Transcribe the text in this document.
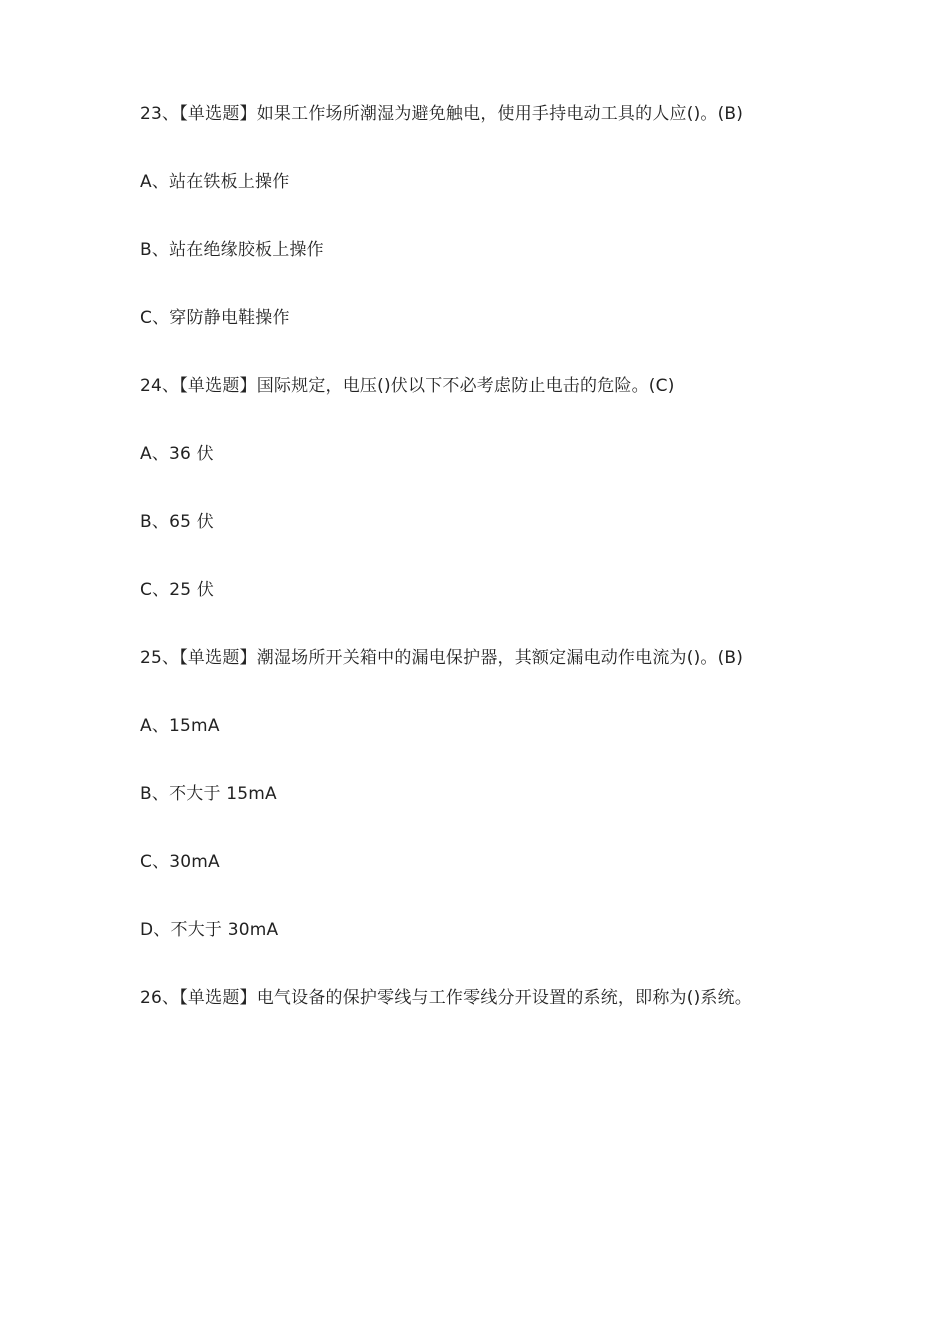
23、【单选题】如果工作场所潮湿为避免触电，使用手持电动工具的人应()。(B)
A、站在铁板上操作
B、站在绝缘胶板上操作
C、穿防静电鞋操作
24、【单选题】国际规定，电压()伏以下不必考虑防止电击的危险。(C)
A、36 伏
B、65 伏
C、25 伏
25、【单选题】潮湿场所开关箱中的漏电保护器，其额定漏电动作电流为()。(B)
A、15mA
B、不大于 15mA
C、30mA
D、不大于 30mA
26、【单选题】电气设备的保护零线与工作零线分开设置的系统，即称为()系统。
